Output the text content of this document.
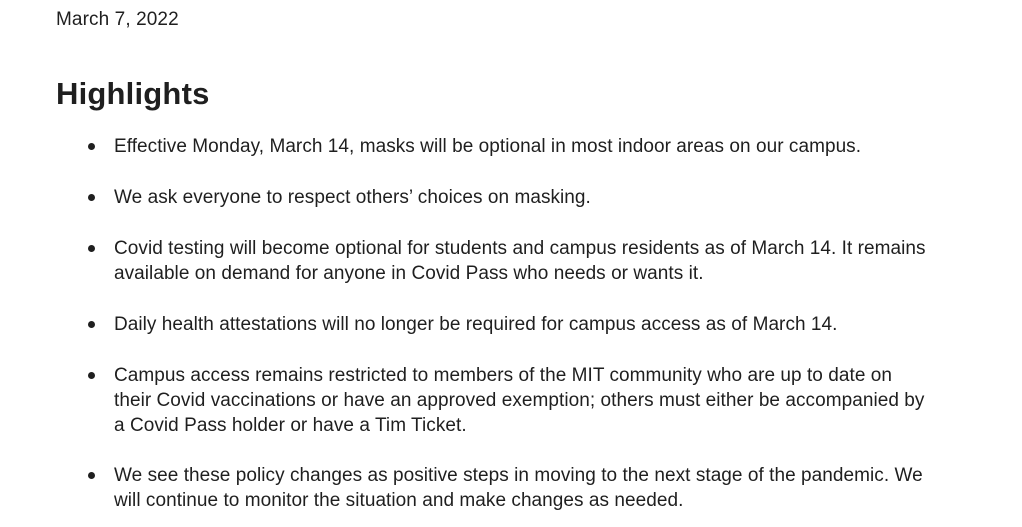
March 7, 2022
Highlights
Effective Monday, March 14, masks will be optional in most indoor areas on our campus.
We ask everyone to respect others’ choices on masking.
Covid testing will become optional for students and campus residents as of March 14. It remains available on demand for anyone in Covid Pass who needs or wants it.
Daily health attestations will no longer be required for campus access as of March 14.
Campus access remains restricted to members of the MIT community who are up to date on their Covid vaccinations or have an approved exemption; others must either be accompanied by a Covid Pass holder or have a Tim Ticket.
We see these policy changes as positive steps in moving to the next stage of the pandemic. We will continue to monitor the situation and make changes as needed.
